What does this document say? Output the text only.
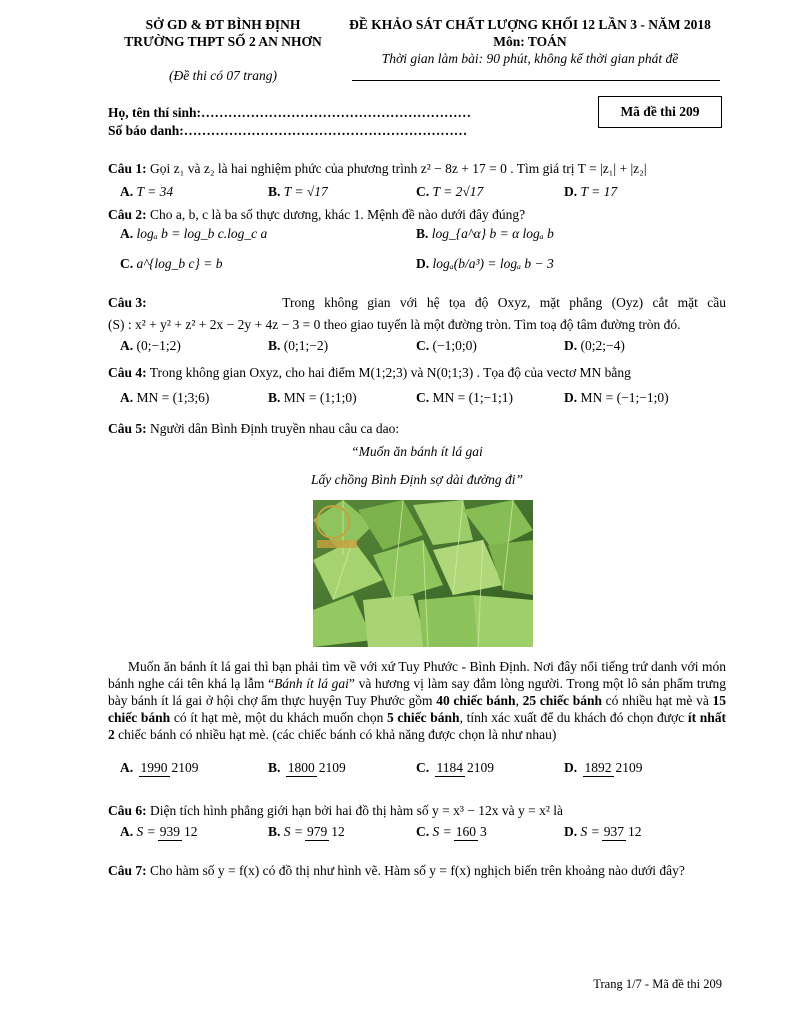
SỞ GD & ĐT BÌNH ĐỊNH
TRƯỜNG THPT SỐ 2 AN NHƠN
(Đề thi có 07 trang)
ĐỀ KHẢO SÁT CHẤT LƯỢNG KHỐI 12 LẦN 3 - NĂM 2018
Môn: TOÁN
Thời gian làm bài: 90 phút, không kể thời gian phát đề
Họ, tên thí sinh:……………………………………………………
Số báo danh:………………………………………………………
Mã đề thi 209
Câu 1: Gọi z₁ và z₂ là hai nghiệm phức của phương trình z² − 8z + 17 = 0 . Tìm giá trị T = |z₁| + |z₂|
A. T = 34	B. T = √17	C. T = 2√17	D. T = 17
Câu 2: Cho a, b, c là ba số thực dương, khác 1. Mệnh đề nào dưới đây đúng?
A. logₐ b = log_b c.log_c a	B. log_{a^α} b = α logₐ b
C. a^{log_b c} = b	D. logₐ(b/a³) = logₐ b − 3
Câu 3:	Trong không gian với hệ tọa độ Oxyz, mặt phẳng (Oyz) cắt mặt cầu
(S) : x² + y² + z² + 2x − 2y + 4z − 3 = 0 theo giao tuyến là một đường tròn. Tìm toạ độ tâm đường tròn đó.
A. (0;−1;2)	B. (0;1;−2)	C. (−1;0;0)	D. (0;2;−4)
Câu 4: Trong không gian Oxyz, cho hai điểm M(1;2;3) và N(0;1;3) . Tọa độ của vectơ MN bằng
A. MN = (1;3;6)	B. MN = (1;1;0)	C. MN = (1;−1;1)	D. MN = (−1;−1;0)
Câu 5: Người dân Bình Định truyền nhau câu ca dao:
“Muốn ăn bánh ít lá gai
Lấy chồng Bình Định sợ dài đường đi”
Muốn ăn bánh ít lá gai thì bạn phải tìm về với xứ Tuy Phước - Bình Định. Nơi đây nổi tiếng trứ danh với món bánh nghe cái tên khá lạ lẫm “Bánh ít lá gai” và hương vị làm say đắm lòng người. Trong một lô sản phẩm trưng bày bánh ít lá gai ở hội chợ ẩm thực huyện Tuy Phước gồm 40 chiếc bánh, 25 chiếc bánh có nhiều hạt mè và 15 chiếc bánh có ít hạt mè, một du khách muốn chọn 5 chiếc bánh, tính xác xuất để du khách đó chọn được ít nhất 2 chiếc bánh có nhiều hạt mè. (các chiếc bánh có khả năng được chọn là như nhau)
A. 1990 2109	B. 1800 2109	C. 1184 2109	D. 1892 2109
Câu 6: Diện tích hình phẳng giới hạn bởi hai đồ thị hàm số y = x³ − 12x và y = x² là
A. S = 939 12	B. S = 979 12	C. S = 160 3	D. S = 937 12
Câu 7: Cho hàm số y = f(x) có đồ thị như hình vẽ. Hàm số y = f(x) nghịch biến trên khoảng nào dưới đây?
Trang 1/7 - Mã đề thi 209
